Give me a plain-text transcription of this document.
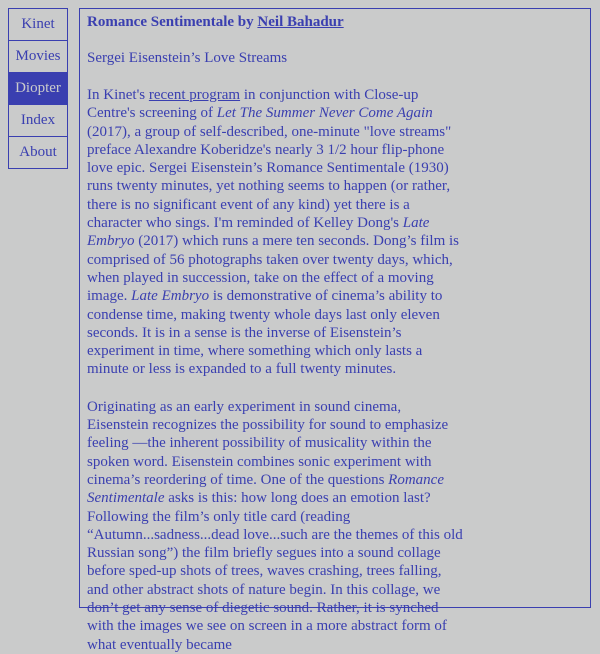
Kinet
Movies
Diopter
Index
About
Romance Sentimentale by Neil Bahadur

Sergei Eisenstein’s Love Streams

In Kinet's recent program in conjunction with Close-up Centre's screening of Let The Summer Never Come Again (2017), a group of self-described, one-minute "love streams" preface Alexandre Koberidze's nearly 3 1/2 hour flip-phone love epic. Sergei Eisenstein’s Romance Sentimentale (1930) runs twenty minutes, yet nothing seems to happen (or rather, there is no significant event of any kind) yet there is a character who sings. I'm reminded of Kelley Dong's Late Embryo (2017) which runs a mere ten seconds. Dong’s film is comprised of 56 photographs taken over twenty days, which, when played in succession, take on the effect of a moving image. Late Embryo is demonstrative of cinema’s ability to condense time, making twenty whole days last only eleven seconds. It is in a sense is the inverse of Eisenstein’s experiment in time, where something which only lasts a minute or less is expanded to a full twenty minutes.

Originating as an early experiment in sound cinema, Eisenstein recognizes the possibility for sound to emphasize feeling —the inherent possibility of musicality within the spoken word. Eisenstein combines sonic experiment with cinema’s reordering of time. One of the questions Romance Sentimentale asks is this: how long does an emotion last? Following the film’s only title card (reading “Autumn...sadness...dead love...such are the themes of this old Russian song”) the film briefly segues into a sound collage before sped-up shots of trees, waves crashing, trees falling, and other abstract shots of nature begin. In this collage, we don’t get any sense of diegetic sound. Rather, it is synched with the images we see on screen in a more abstract form of what eventually became
